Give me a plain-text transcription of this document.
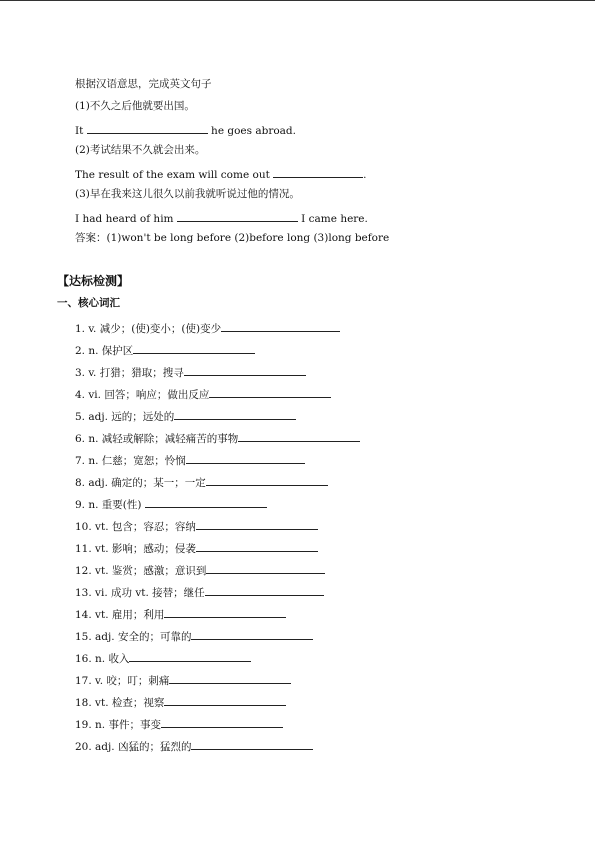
根据汉语意思，完成英文句子
(1)不久之后他就要出国。
It	he goes abroad.
(2)考试结果不久就会出来。
The result of the exam will come out	.
(3)早在我来这儿很久以前我就听说过他的情况。
I had heard of him	I came here.
答案：(1)won't be long before (2)before long (3)long before
【达标检测】
一、核心词汇
1. v. 减少；(使)变小；(使)变少
2. n. 保护区
3. v. 打猎；猎取；搜寻
4. vi. 回答；响应；做出反应
5. adj. 远的；远处的
6. n. 减轻或解除；减轻痛苦的事物
7. n. 仁慈；宽恕；怜悯
8. adj. 确定的；某一；一定
9. n. 重要(性)
10. vt. 包含；容忍；容纳
11. vt. 影响；感动；侵袭
12. vt. 鉴赏；感激；意识到
13. vi. 成功 vt. 接替；继任
14. vt. 雇用；利用
15. adj. 安全的；可靠的
16. n. 收入
17. v. 咬；叮；刺痛
18. vt. 检查；视察
19. n. 事件；事变
20. adj. 凶猛的；猛烈的
